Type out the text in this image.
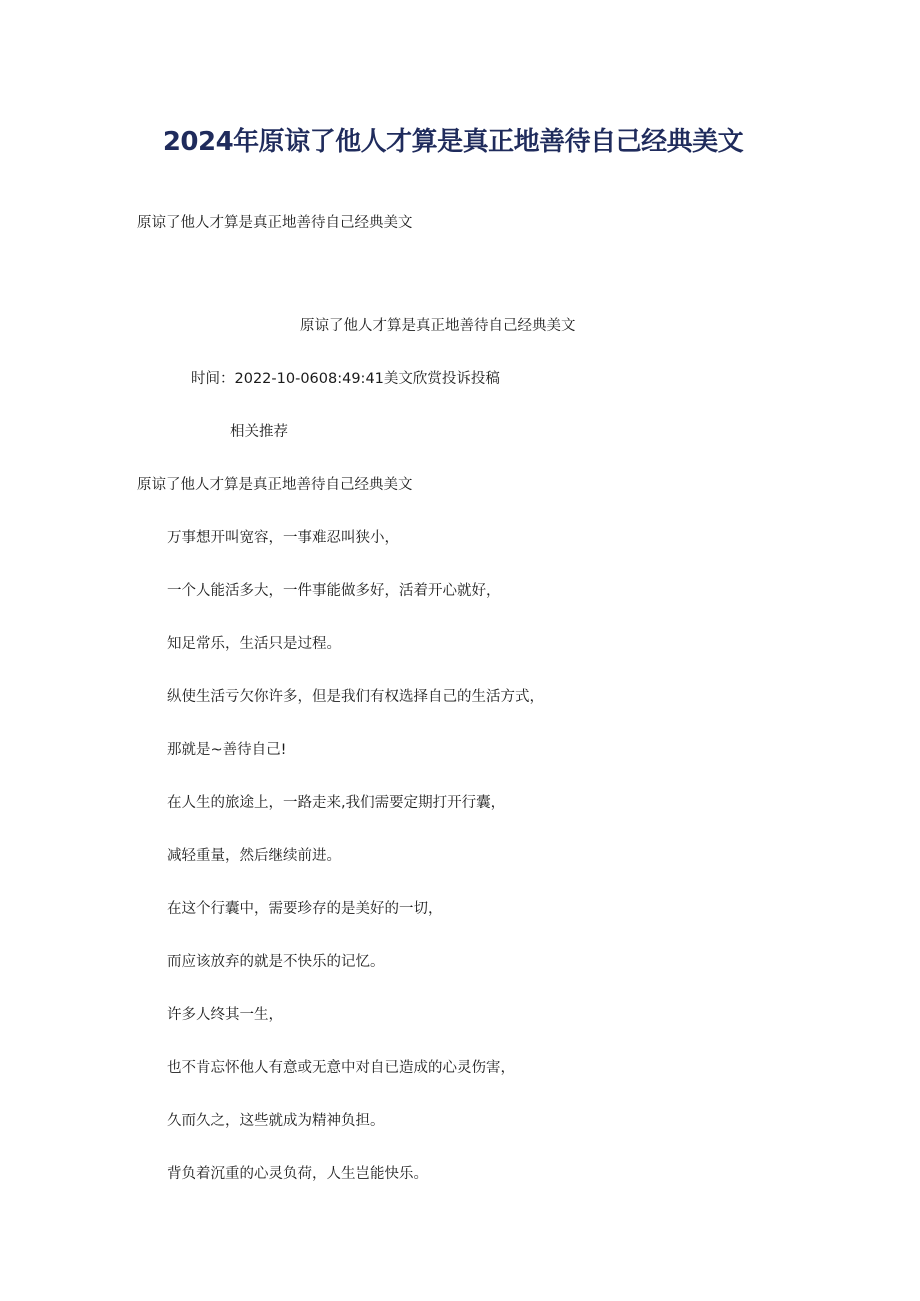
2024年原谅了他人才算是真正地善待自己经典美文

原谅了他人才算是真正地善待自己经典美文

原谅了他人才算是真正地善待自己经典美文

时间：2022-10-0608:49:41美文欣赏投诉投稿

相关推荐

原谅了他人才算是真正地善待自己经典美文

万事想开叫宽容，一事难忍叫狭小，

一个人能活多大，一件事能做多好，活着开心就好，

知足常乐，生活只是过程。

纵使生活亏欠你许多，但是我们有权选择自己的生活方式，

那就是~善待自己!

在人生的旅途上，一路走来,我们需要定期打开行囊，

减轻重量，然后继续前进。

在这个行囊中，需要珍存的是美好的一切，

而应该放弃的就是不快乐的记忆。

许多人终其一生，

也不肯忘怀他人有意或无意中对自已造成的心灵伤害，

久而久之，这些就成为精神负担。

背负着沉重的心灵负荷，人生岂能快乐。
